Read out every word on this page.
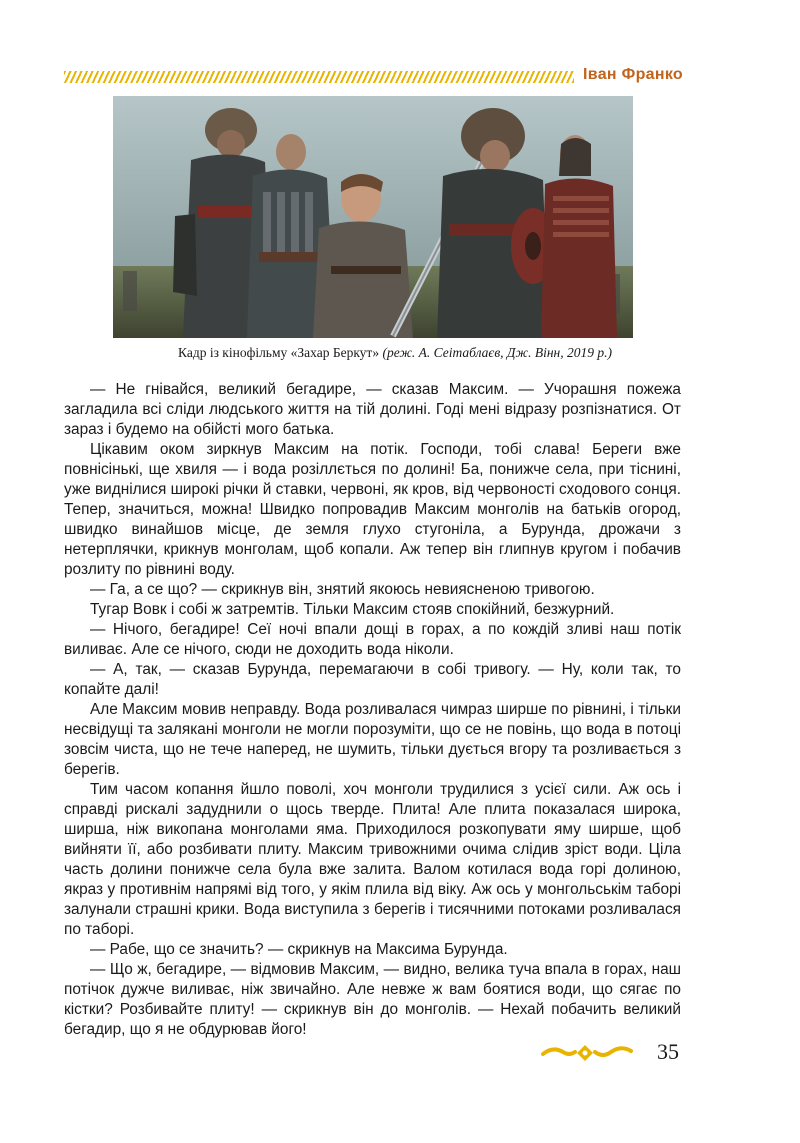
Іван Франко
Кадр із кінофільму «Захар Беркут» (реж. А. Сеітаблаєв, Дж. Вінн, 2019 р.)

— Не гнівайся, великий бегадире, — сказав Максим. — Учорашня пожежа загладила всі сліди людського життя на тій долині. Годі мені відразу розпізнатися. От зараз і будемо на обійсті мого батька.

Цікавим оком зиркнув Максим на потік. Господи, тобі слава! Береги вже повнісінькі, ще хвиля — і вода розіллється по долині! Ба, понижче села, при тіснині, уже виднілися широкі річки й ставки, червоні, як кров, від червоності сходового сонця. Тепер, значиться, можна! Швидко попровадив Максим монголів на батьків огород, швидко винайшов місце, де земля глухо стугоніла, а Бурунда, дрожачи з нетерплячки, крикнув монголам, щоб копали. Аж тепер він глипнув кругом і побачив розлиту по рівнині воду.

— Га, а се що? — скрикнув він, знятий якоюсь невиясненою тривогою.

Тугар Вовк і собі ж затремтів. Тільки Максим стояв спокійний, безжурний.

— Нічого, бегадире! Сеї ночі впали дощі в горах, а по кождій зливі наш потік виливає. Але се нічого, сюди не доходить вода ніколи.

— А, так, — сказав Бурунда, перемагаючи в собі тривогу. — Ну, коли так, то копайте далі!

Але Максим мовив неправду. Вода розливалася чимраз ширше по рівнині, і тільки несвідущі та залякані монголи не могли порозуміти, що се не повінь, що вода в потоці зовсім чиста, що не тече наперед, не шумить, тільки дується вгору та розливається з берегів.

Тим часом копання йшло поволі, хоч монголи трудилися з усієї сили. Аж ось і справді рискалі задуднили о щось тверде. Плита! Але плита показалася широка, ширша, ніж викопана монголами яма. Приходилося розкопувати яму ширше, щоб вийняти її, або розбивати плиту. Максим тривожними очима слідив зріст води. Ціла часть долини понижче села була вже залита. Валом котилася вода горі долиною, якраз у противнім напрямі від того, у якім плила від віку. Аж ось у монгольськім таборі залунали страшні крики. Вода виступила з берегів і тисячними потоками розливалася по таборі.

— Рабе, що се значить? — скрикнув на Максима Бурунда.

— Що ж, бегадире, — відмовив Максим, — видно, велика туча впала в горах, наш потічок дужче виливає, ніж звичайно. Але невже ж вам боятися води, що сягає по кістки? Розбивайте плиту! — скрикнув він до монголів. — Нехай побачить великий бегадир, що я не обдурював його!

35
